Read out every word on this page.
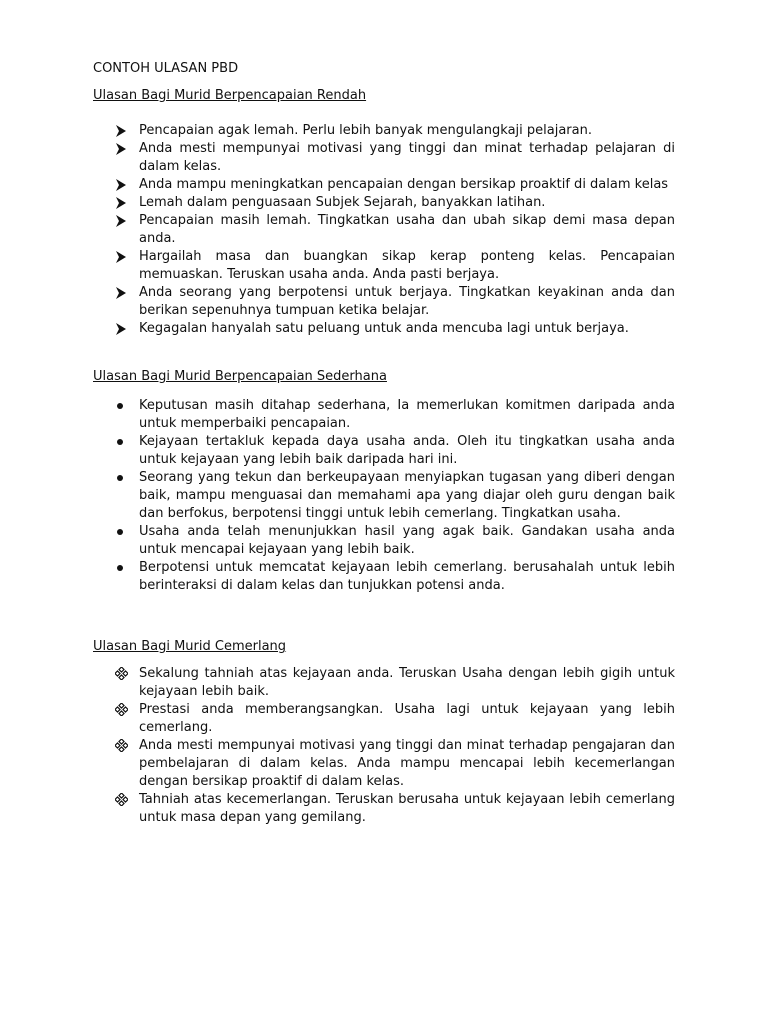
CONTOH ULASAN PBD
Ulasan Bagi Murid Berpencapaian Rendah
Pencapaian agak lemah. Perlu lebih banyak mengulangkaji pelajaran.
Anda mesti mempunyai motivasi yang tinggi dan minat terhadap pelajaran di dalam kelas.
Anda mampu meningkatkan pencapaian dengan bersikap proaktif di dalam kelas
Lemah dalam penguasaan Subjek Sejarah, banyakkan latihan.
Pencapaian masih lemah. Tingkatkan usaha dan ubah sikap demi masa depan anda.
Hargailah masa dan buangkan sikap kerap ponteng kelas. Pencapaian memuaskan. Teruskan usaha anda. Anda pasti berjaya.
Anda seorang yang berpotensi untuk berjaya. Tingkatkan keyakinan anda dan berikan sepenuhnya tumpuan ketika belajar.
Kegagalan hanyalah satu peluang untuk anda mencuba lagi untuk berjaya.
Ulasan Bagi Murid Berpencapaian Sederhana
Keputusan masih ditahap sederhana, Ia memerlukan komitmen daripada anda untuk memperbaiki pencapaian.
Kejayaan tertakluk kepada daya usaha anda. Oleh itu tingkatkan usaha anda untuk kejayaan yang lebih baik daripada hari ini.
Seorang yang tekun dan berkeupayaan menyiapkan tugasan yang diberi dengan baik, mampu menguasai dan memahami apa yang diajar oleh guru dengan baik dan berfokus, berpotensi tinggi untuk lebih cemerlang. Tingkatkan usaha.
Usaha anda telah menunjukkan hasil yang agak baik. Gandakan usaha anda untuk mencapai kejayaan yang lebih baik.
Berpotensi untuk memcatat kejayaan lebih cemerlang. berusahalah untuk lebih berinteraksi di dalam kelas dan tunjukkan potensi anda.
Ulasan Bagi Murid Cemerlang
Sekalung tahniah atas kejayaan anda. Teruskan Usaha dengan lebih gigih untuk kejayaan lebih baik.
Prestasi anda memberangsangkan. Usaha lagi untuk kejayaan yang lebih cemerlang.
Anda mesti mempunyai motivasi yang tinggi dan minat terhadap pengajaran dan pembelajaran di dalam kelas. Anda mampu mencapai lebih kecemerlangan dengan bersikap proaktif di dalam kelas.
Tahniah atas kecemerlangan. Teruskan berusaha untuk kejayaan lebih cemerlang untuk masa depan yang gemilang.
